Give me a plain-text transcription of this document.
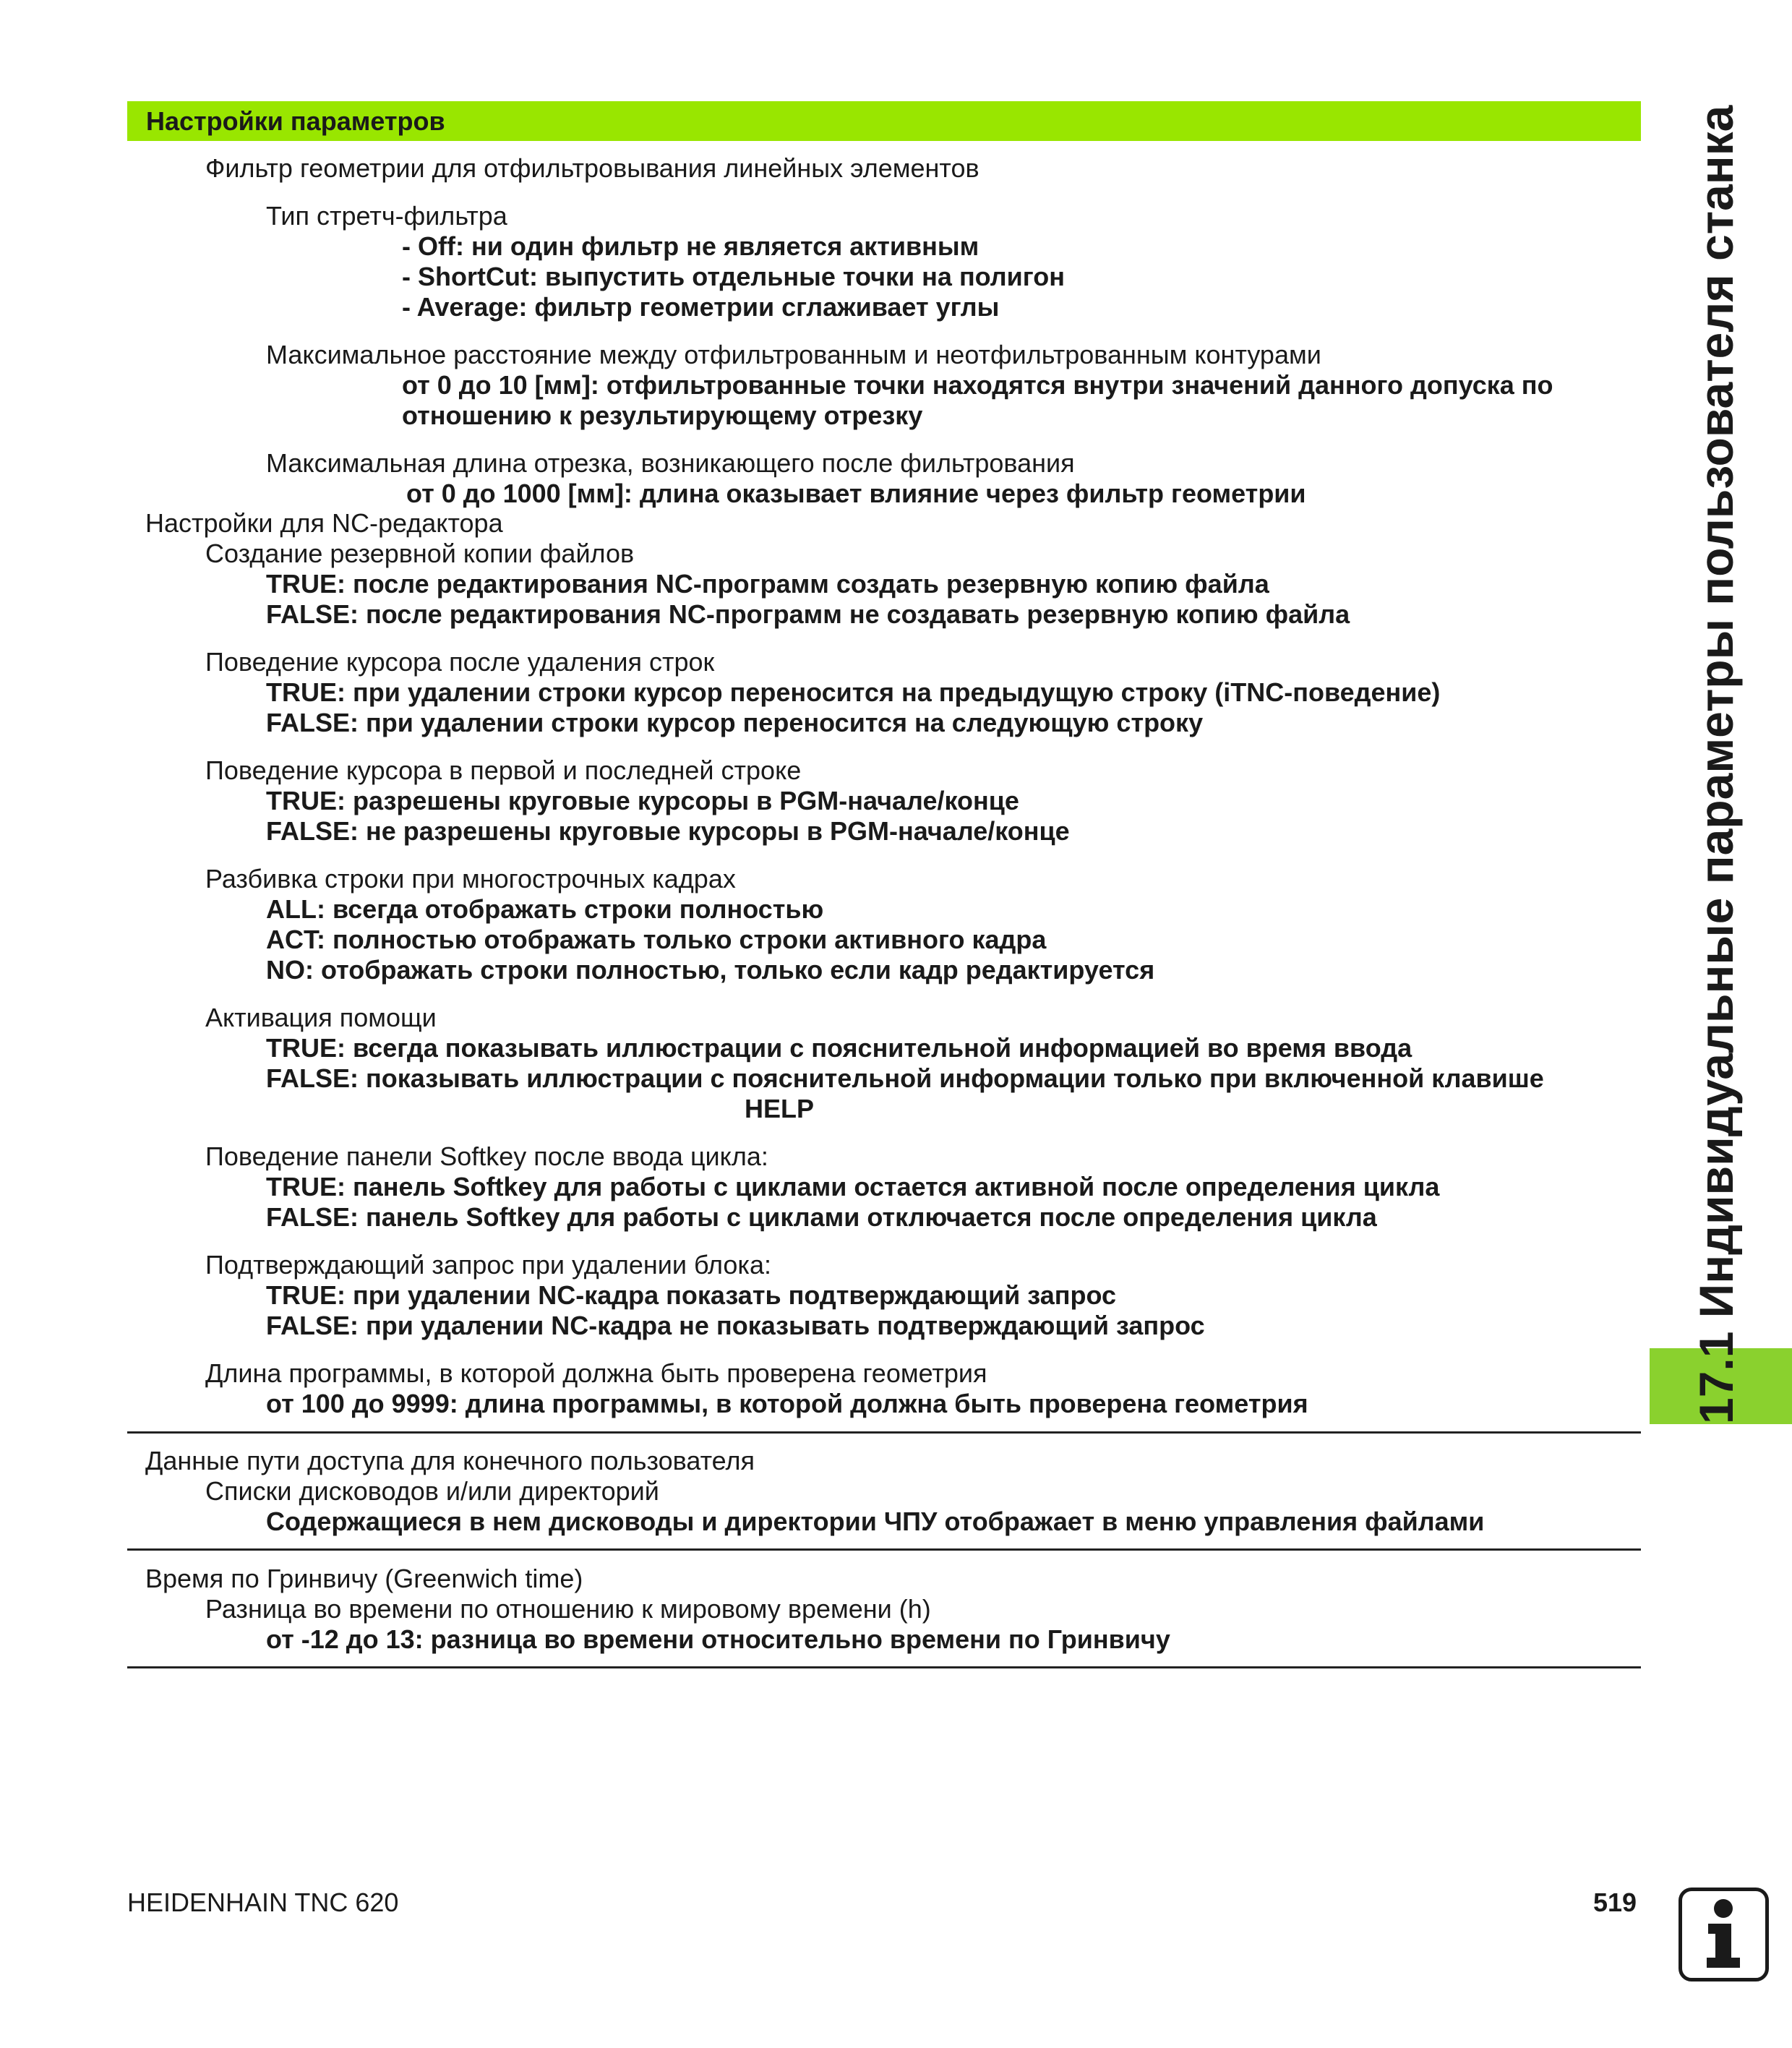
Настройки параметров	17.1 Индивидуальные параметры пользователя станка
Фильтр геометрии для отфильтровывания линейных элементов
Тип стретч-фильтра
- Off: ни один фильтр не является активным
- ShortCut: выпустить отдельные точки на полигон
- Average: фильтр геометрии сглаживает углы
Максимальное расстояние между отфильтрованным и неотфильтрованным контурами
от 0 до 10 [мм]: отфильтрованные точки находятся внутри значений данного допуска по
отношению к результирующему отрезку
Максимальная длина отрезка, возникающего после фильтрования
от 0 до 1000 [мм]: длина оказывает влияние через фильтр геометрии
Настройки для NC-редактора
Создание резервной копии файлов
TRUE: после редактирования NC-программ создать резервную копию файла
FALSE: после редактирования NC-программ не создавать резервную копию файла
Поведение курсора после удаления строк
TRUE: при удалении строки курсор переносится на предыдущую строку (iTNC-поведение)
FALSE: при удалении строки курсор переносится на следующую строку
Поведение курсора в первой и последней строке
TRUE: разрешены круговые курсоры в PGM-начале/конце
FALSE: не разрешены круговые курсоры в PGM-начале/конце
Разбивка строки при многострочных кадрах
ALL: всегда отображать строки полностью
ACT: полностью отображать только строки активного кадра
NO: отображать строки полностью, только если кадр редактируется
Активация помощи
TRUE: всегда показывать иллюстрации с пояснительной информацией во время ввода
FALSE: показывать иллюстрации с пояснительной информации только при включенной клавише
HELP
Поведение панели Softkey после ввода цикла:
TRUE: панель Softkey для работы с циклами остается активной после определения цикла
FALSE: панель Softkey для работы с циклами отключается после определения цикла
Подтверждающий запрос при удалении блока:
TRUE: при удалении NC-кадра показать подтверждающий запрос
FALSE: при удалении NC-кадра не показывать подтверждающий запрос
Длина программы, в которой должна быть проверена геометрия
от 100 до 9999: длина программы, в которой должна быть проверена геометрия
Данные пути доступа для конечного пользователя
Списки дисководов и/или директорий
Содержащиеся в нем дисководы и директории ЧПУ отображает в меню управления файлами
Время по Гринвичу (Greenwich time)
Разница во времени по отношению к мировому времени (h)
от -12 до 13: разница во времени относительно времени по Гринвичу
HEIDENHAIN TNC 620	519
